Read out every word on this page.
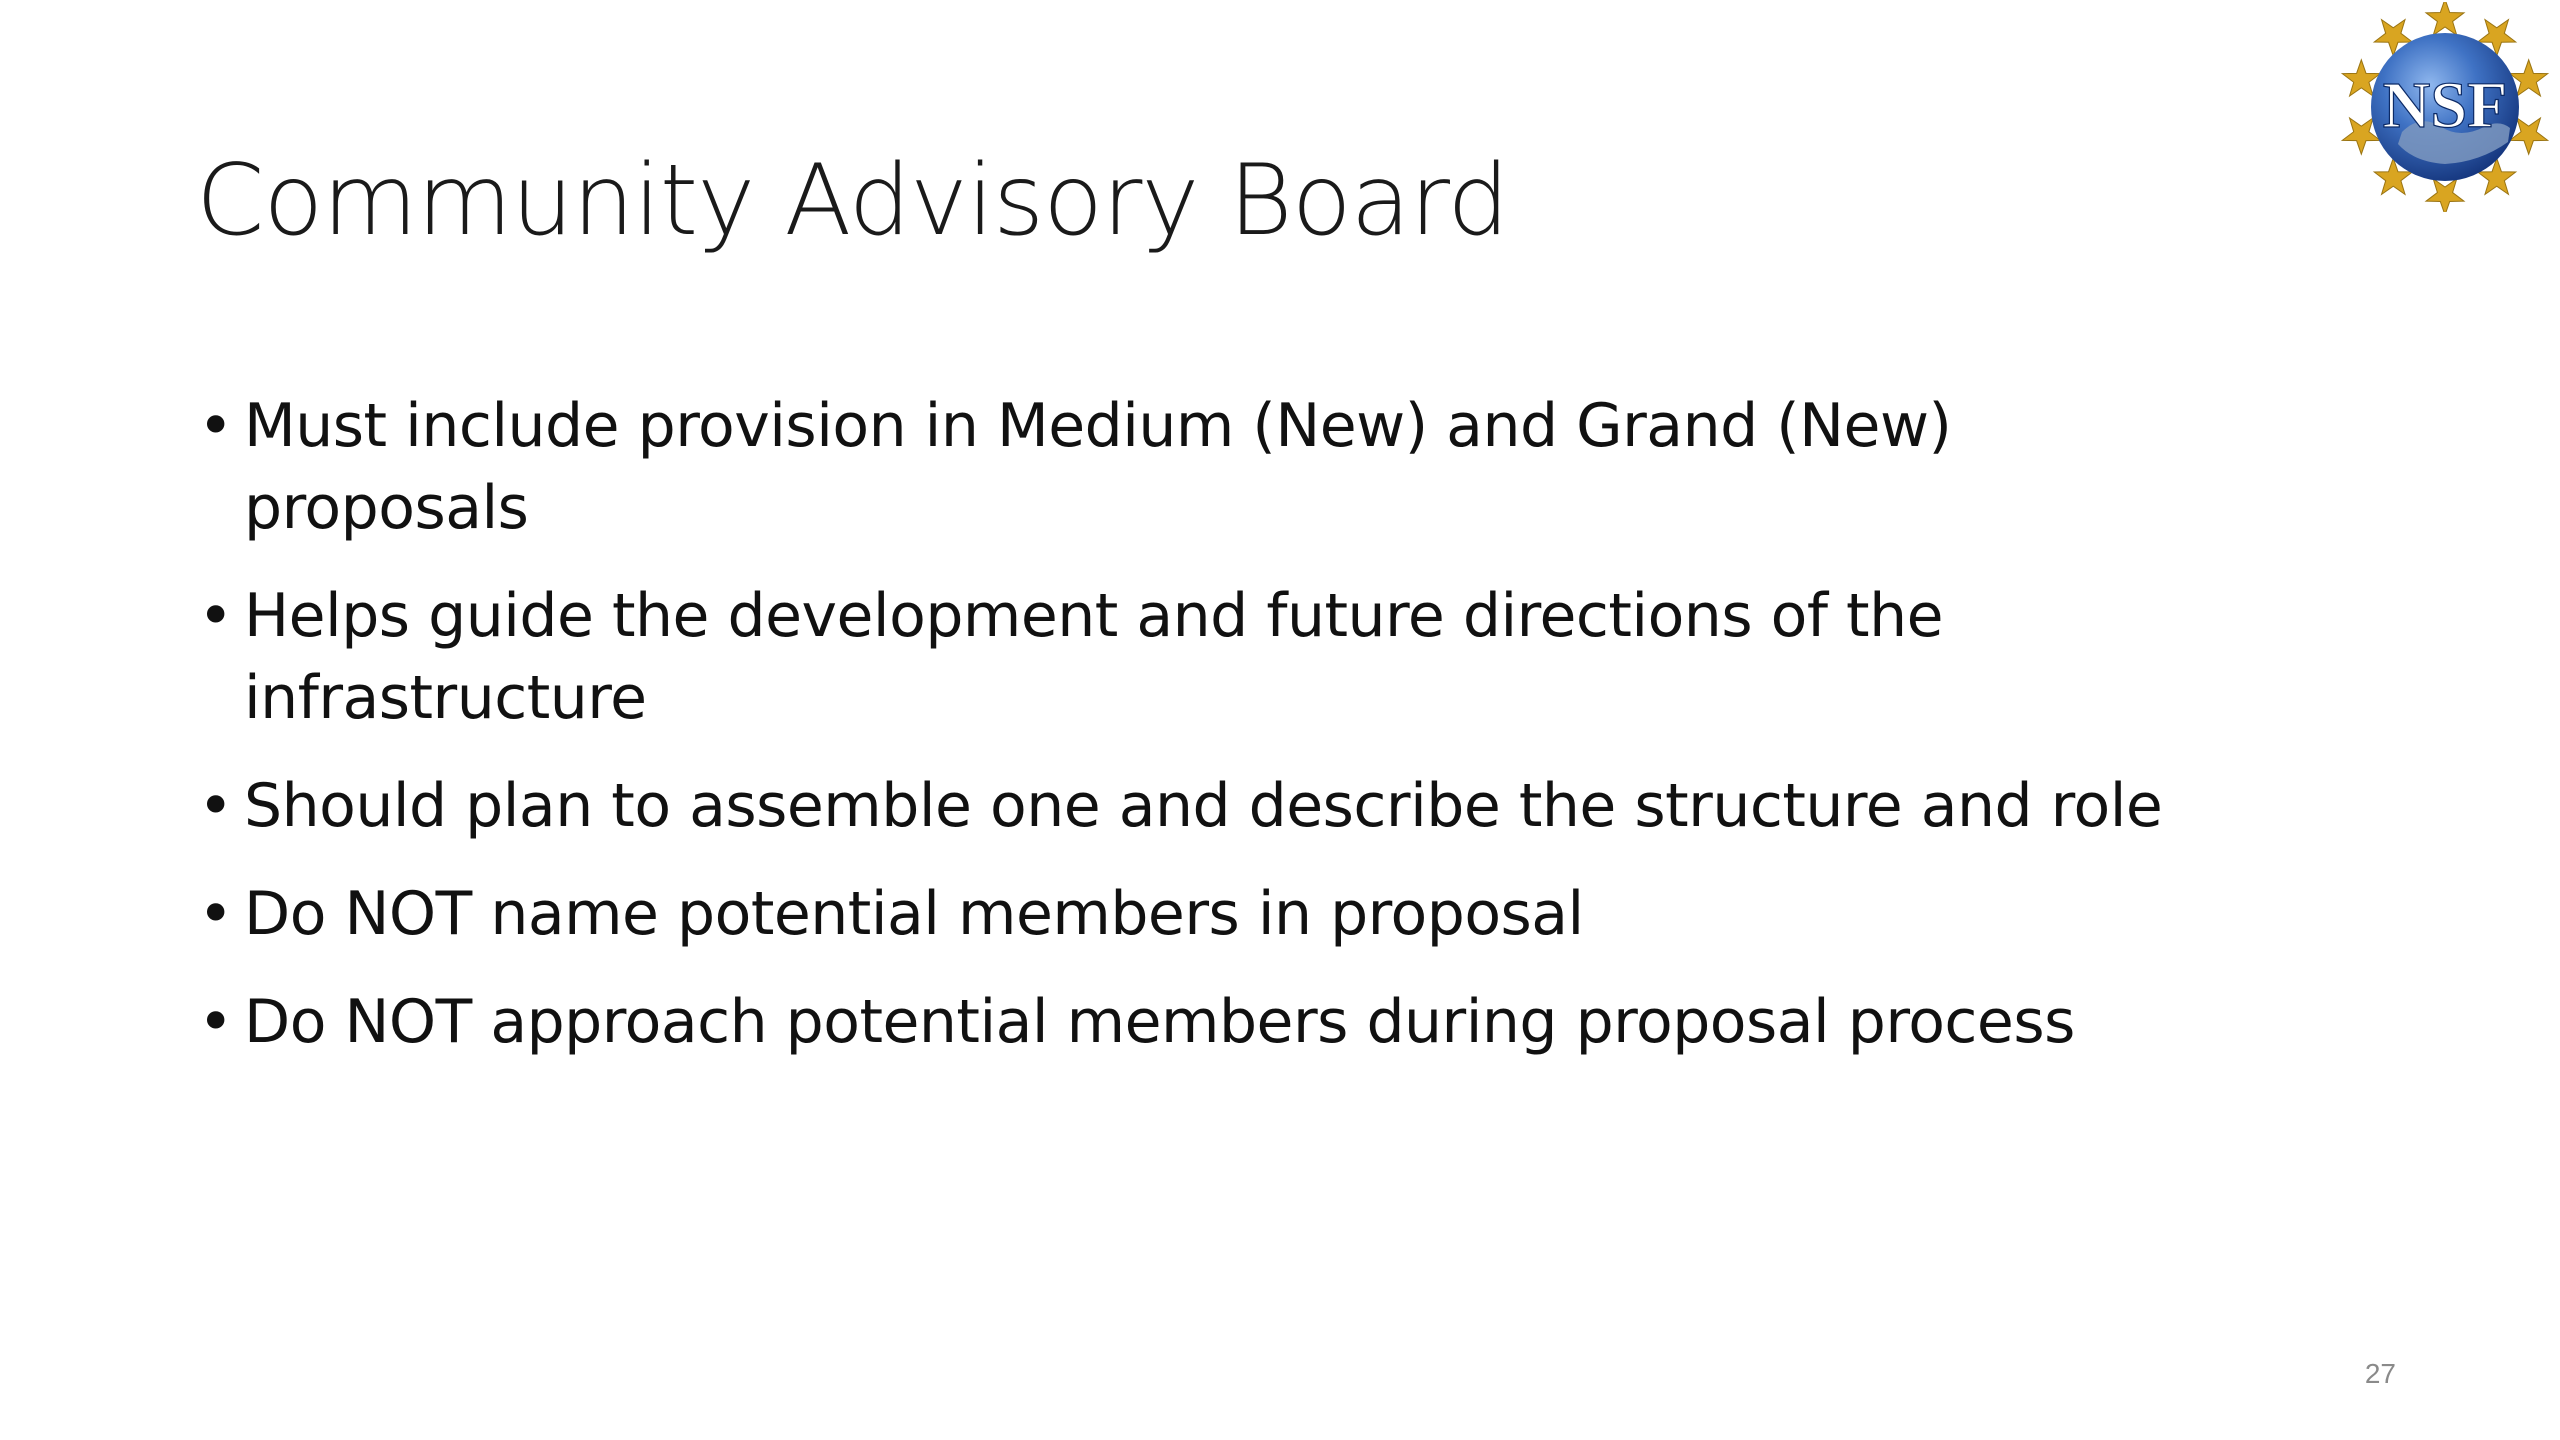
Community Advisory Board
• Must include provision in Medium (New) and Grand (New) proposals
• Helps guide the development and future directions of the infrastructure
• Should plan to assemble one and describe the structure and role
• Do NOT name potential members in proposal
• Do NOT approach potential members during proposal process
NSF
27
